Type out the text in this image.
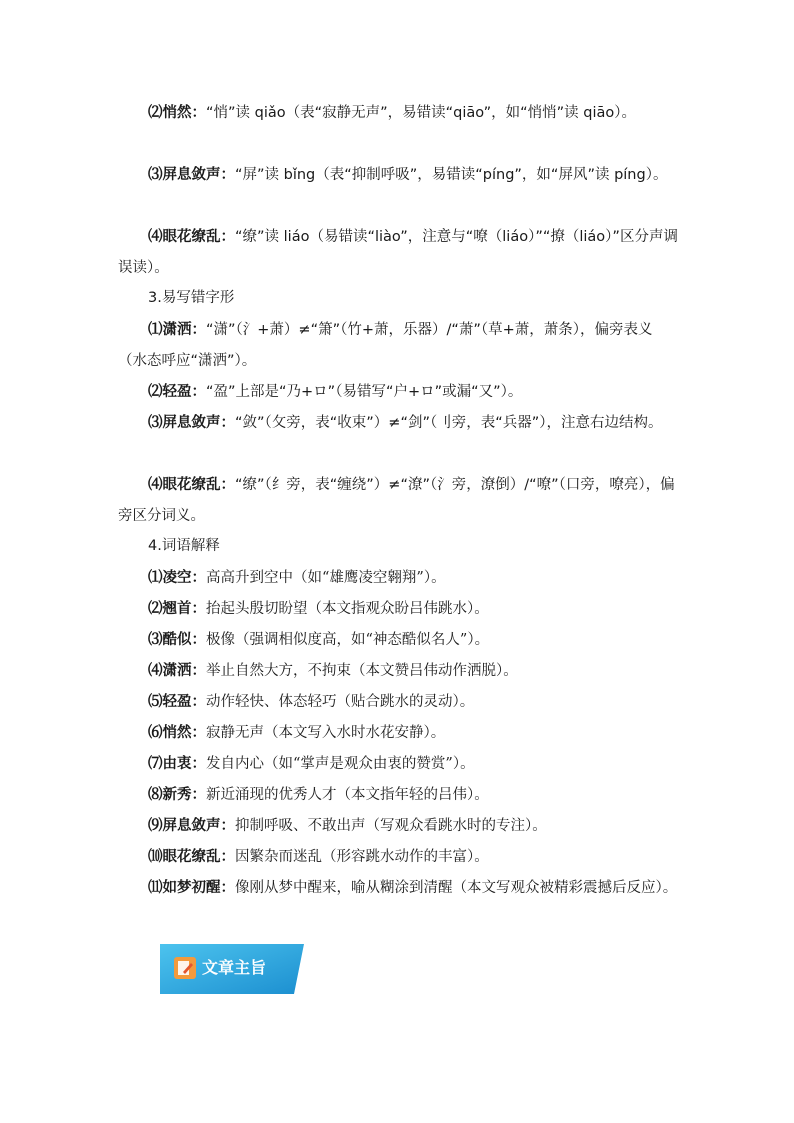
⑵悄然：“悄”读 qiǎo（表“寂静无声”，易错读“qiāo”，如“悄悄”读 qiāo）。

⑶屏息敛声：“屏”读 bǐng（表“抑制呼吸”，易错读“píng”，如“屏风”读 píng）。

⑷眼花缭乱：“缭”读 liáo（易错读“liào”，注意与“嘹（liáo）”“撩（liáo）”区分声调误读）。

3.易写错字形

⑴潇洒：“潇”（氵+萧）≠“箫”（竹+萧，乐器）/“萧”（草+萧，萧条），偏旁表义（水态呼应“潇洒”）。

⑵轻盈：“盈”上部是“乃+ロ”（易错写“户+ロ”或漏“又”）。

⑶屏息敛声：“敛”（攵旁，表“收束”）≠“剑”（刂旁，表“兵器”），注意右边结构。

⑷眼花缭乱：“缭”（纟旁，表“缠绕”）≠“潦”（氵旁，潦倒）/“嘹”（口旁，嘹亮），偏旁区分词义。

4.词语解释

⑴凌空：高高升到空中（如“雄鹰凌空翱翔”）。

⑵翘首：抬起头殷切盼望（本文指观众盼吕伟跳水）。

⑶酷似：极像（强调相似度高，如“神态酷似名人”）。

⑷潇洒：举止自然大方，不拘束（本文赞吕伟动作洒脱）。

⑸轻盈：动作轻快、体态轻巧（贴合跳水的灵动）。

⑹悄然：寂静无声（本文写入水时水花安静）。

⑺由衷：发自内心（如“掌声是观众由衷的赞赏”）。

⑻新秀：新近涌现的优秀人才（本文指年轻的吕伟）。

⑼屏息敛声：抑制呼吸、不敢出声（写观众看跳水时的专注）。

⑽眼花缭乱：因繁杂而迷乱（形容跳水动作的丰富）。

⑾如梦初醒：像刚从梦中醒来，喻从糊涂到清醒（本文写观众被精彩震撼后反应）。

文章主旨
